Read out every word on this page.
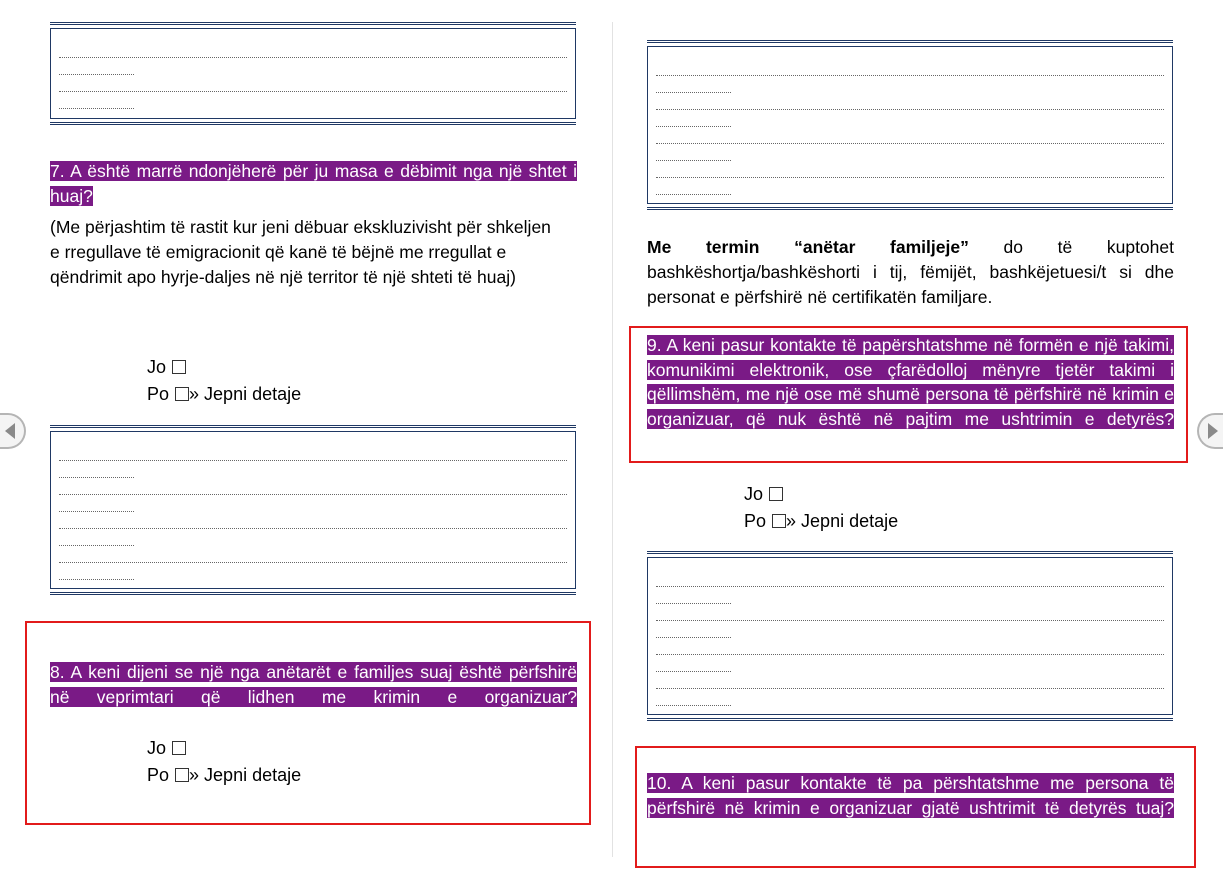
7. A është marrë ndonjëherë për ju masa e dëbimit nga një shtet i huaj?
(Me përjashtim të rastit kur jeni dëbuar ekskluzivisht për shkeljen e rregullave të emigracionit që kanë të bëjnë me rregullat e qëndrimit apo hyrje-daljes në një territor të një shteti të huaj)
Jo
Po » Jepni detaje
8. A keni dijeni se një nga anëtarët e familjes suaj është përfshirë në veprimtari që lidhen me krimin e organizuar?
Jo
Po » Jepni detaje
Me termin “anëtar familjeje” do të kuptohet bashkëshortja/bashkëshorti i tij, fëmijët, bashkëjetuesi/t si dhe personat e përfshirë në certifikatën familjare.
9. A keni pasur kontakte të papërshtatshme në formën e një takimi, komunikimi elektronik, ose çfarëdolloj mënyre tjetër takimi i qëllimshëm, me një ose më shumë persona të përfshirë në krimin e organizuar, që nuk është në pajtim me ushtrimin e detyrës?
Jo
Po » Jepni detaje
10. A keni pasur kontakte të pa përshtatshme me persona të përfshirë në krimin e organizuar gjatë ushtrimit të detyrës tuaj?
